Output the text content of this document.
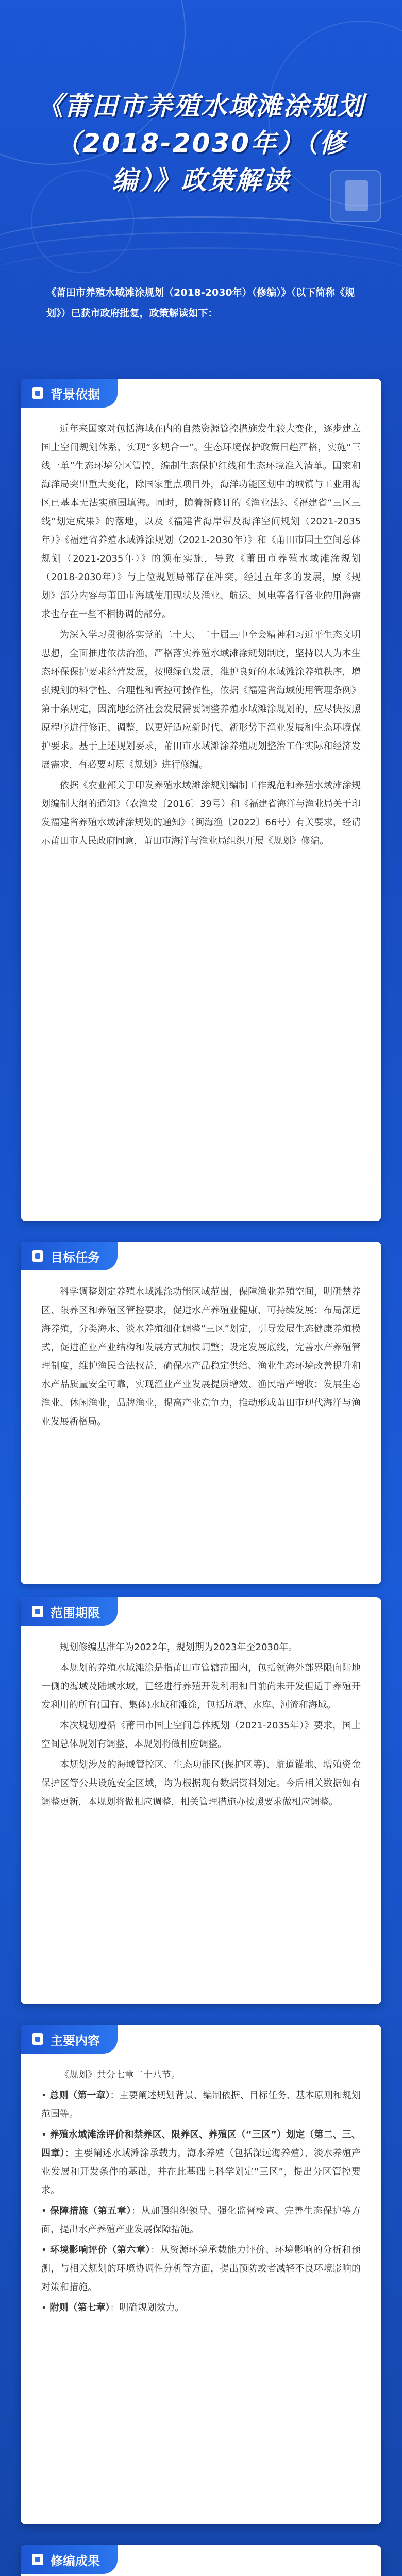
《莆田市养殖水域滩涂规划
（2018-2030年）（修
编）》政策解读
《莆田市养殖水域滩涂规划（2018-2030年）（修编）》（以下简称《规划》）已获市政府批复，政策解读如下：
背景依据

近年来国家对包括海域在内的自然资源管控措施发生较大变化，逐步建立国土空间规划体系，实现“多规合一”。生态环境保护政策日趋严格，实施“三线一单”生态环境分区管控，编制生态保护红线和生态环境准入清单。国家和海洋局突出重大变化，除国家重点项目外，海洋功能区划中的城镇与工业用海区已基本无法实施围填海。同时，随着新修订的《渔业法》、《福建省“三区三线”划定成果》的落地，以及《福建省海岸带及海洋空间规划（2021-2035年）》《福建省养殖水域滩涂规划（2021-2030年）》和《莆田市国土空间总体规划（2021-2035年）》的领布实施，导致《莆田市养殖水域滩涂规划（2018-2030年）》与上位规划局部存在冲突，经过五年多的发展，原《规划》部分内容与莆田市海域使用现状及渔业、航运、风电等各行各业的用海需求也存在一些不相协调的部分。

为深入学习贯彻落实党的二十大、二十届三中全会精神和习近平生态文明思想，全面推进依法治渔，严格落实养殖水域滩涂规划制度，坚持以人为本生态环保保护要求经营发展，按照绿色发展，维护良好的水域滩涂养殖秩序，增强规划的科学性、合理性和管控可操作性，依据《福建省海域使用管理条例》第十条规定，因流地经济社会发展需要调整养殖水域滩涂规划的，应尽快按照原程序进行修正、调整，以更好适应新时代、新形势下渔业发展和生态环境保护要求。基于上述规划要求，莆田市水域滩涂养殖规划整治工作实际和经济发展需求，有必要对原《规划》进行修编。

依据《农业部关于印发养殖水域滩涂规划编制工作规范和养殖水域滩涂规划编制大纲的通知》（农渔发〔2016〕39号）和《福建省海洋与渔业局关于印发福建省养殖水域滩涂规划的通知》（闽海渔〔2022〕66号）有关要求，经请示莆田市人民政府同意，莆田市海洋与渔业局组织开展《规划》修编。

目标任务

科学调整划定养殖水域滩涂功能区域范围，保障渔业养殖空间，明确禁养区、限养区和养殖区管控要求，促进水产养殖业健康、可持续发展；布局深远海养殖，分类海水、淡水养殖细化调整“三区”划定，引导发展生态健康养殖模式，促进渔业产业结构和发展方式加快调整；设定发展底线，完善水产养殖管理制度，维护渔民合法权益，确保水产品稳定供给、渔业生态环境改善提升和水产品质量安全可靠，实现渔业产业发展提质增效、渔民增产增收；发展生态渔业、休闲渔业，品牌渔业，提高产业竞争力，推动形成莆田市现代海洋与渔业发展新格局。

范围期限

规划修编基准年为2022年，规划期为2023年至2030年。

本规划的养殖水域滩涂是指莆田市管辖范围内，包括领海外部界限向陆地一侧的海域及陆域水域，已经进行养殖开发利用和目前尚未开发但适于养殖开发利用的所有(国有、集体)水域和滩涂，包括坑塘、水库、河流和海域。

本次规划遵循《莆田市国土空间总体规划（2021-2035年）》要求，国土空间总体规划有调整，本规划将做相应调整。

本规划涉及的海域管控区、生态功能区(保护区等)、航道锚地、增殖资金保护区等公共设施安全区域，均为根据现有数据资料划定。今后相关数据如有调整更新，本规划将做相应调整，相关管理措施办按照要求做相应调整。

主要内容

《规划》共分七章二十八节。

• 总则（第一章）：主要阐述规划背景、编制依据、目标任务、基本原则和规划范围等。

• 养殖水域滩涂评价和禁养区、限养区、养殖区（“三区”）划定（第二、三、四章）：主要阐述水域滩涂承载力，海水养殖（包括深远海养殖）、淡水养殖产业发展和开发条件的基础，并在此基础上科学划定“三区”，提出分区管控要求。

• 保障措施（第五章）：从加强组织领导、强化监督检查、完善生态保护等方面，提出水产养殖产业发展保障措施。

• 环境影响评价（第六章）：从资源环境承载能力评价、环境影响的分析和预测，与相关规划的环境协调性分析等方面，提出预防或者减轻不良环境影响的对策和措施。

• 附则（第七章）：明确规划效力。

修编成果
